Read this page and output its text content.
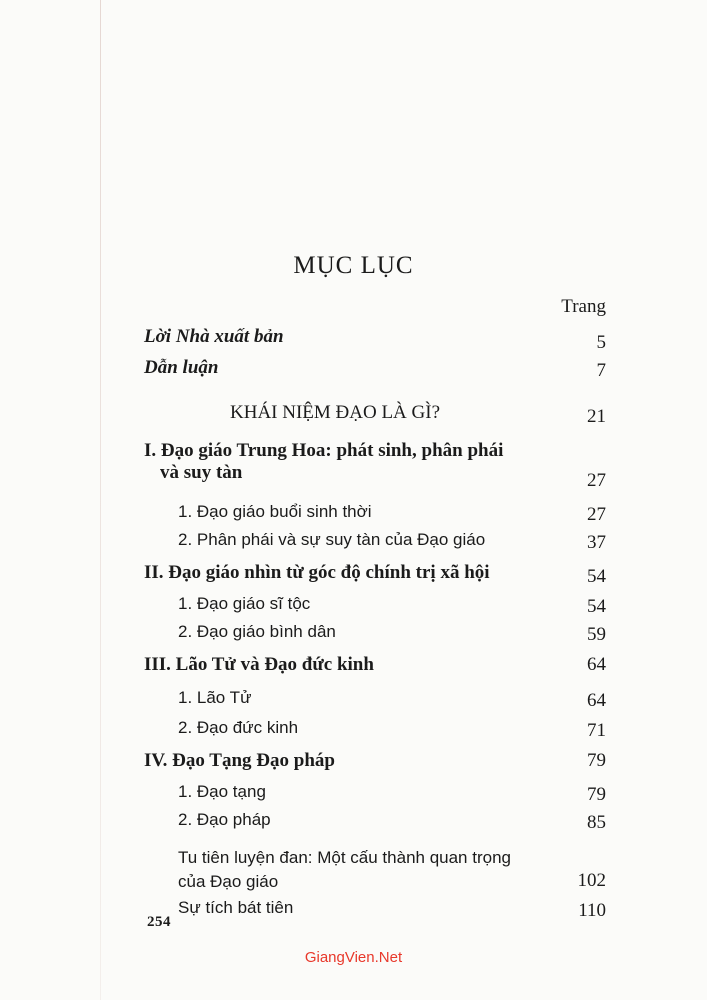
MỤC LỤC
Trang
Lời Nhà xuất bản	5
Dẫn luận	7
KHÁI NIỆM ĐẠO LÀ GÌ?	21
I. Đạo giáo Trung Hoa: phát sinh, phân phái
và suy tàn	27
1. Đạo giáo buổi sinh thời	27
2. Phân phái và sự suy tàn của Đạo giáo	37
II. Đạo giáo nhìn từ góc độ chính trị xã hội	54
1. Đạo giáo sĩ tộc	54
2. Đạo giáo bình dân	59
III. Lão Tử và Đạo đức kinh	64
1. Lão Tử	64
2. Đạo đức kinh	71
IV. Đạo Tạng Đạo pháp	79
1. Đạo tạng	79
2. Đạo pháp	85
Tu tiên luyện đan: Một cấu thành quan trọng
của Đạo giáo	102
Sự tích bát tiên	110
254
GiangVien.Net
